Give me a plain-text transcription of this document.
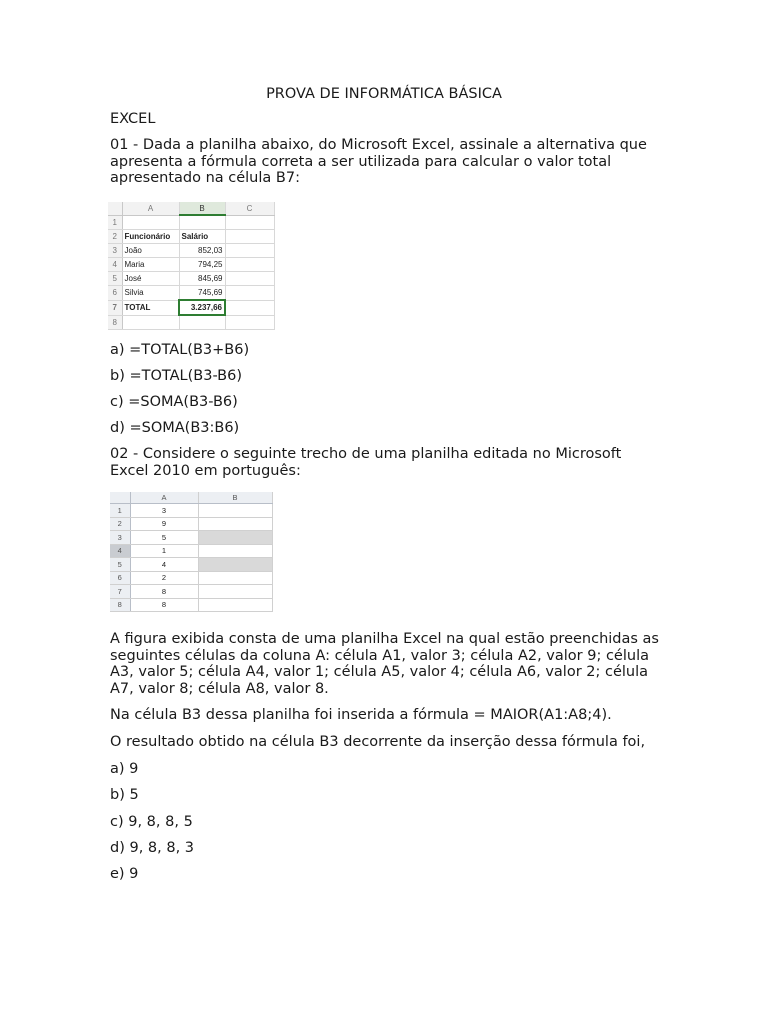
PROVA DE INFORMÁTICA BÁSICA
EXCEL
01 - Dada a planilha abaixo, do Microsoft Excel, assinale a alternativa que apresenta a fórmula correta a ser utilizada para calcular o valor total apresentado na célula B7:
	A	B	C
1			
2	Funcionário	Salário	
3	João	852,03	
4	Maria	794,25	
5	José	845,69	
6	Silvia	745,69	
7	TOTAL	3.237,66	
8			
a) =TOTAL(B3+B6)
b) =TOTAL(B3-B6)
c) =SOMA(B3-B6)
d) =SOMA(B3:B6)
02 - Considere o seguinte trecho de uma planilha editada no Microsoft Excel 2010 em português:
	A	B
1	3	
2	9	
3	5	
4	1	
5	4	
6	2	
7	8	
8	8	
A figura exibida consta de uma planilha Excel na qual estão preenchidas as seguintes células da coluna A: célula A1, valor 3; célula A2, valor 9; célula A3, valor 5; célula A4, valor 1; célula A5, valor 4; célula A6, valor 2; célula A7, valor 8; célula A8, valor 8.
Na célula B3 dessa planilha foi inserida a fórmula = MAIOR(A1:A8;4).
O resultado obtido na célula B3 decorrente da inserção dessa fórmula foi,
a) 9
b) 5
c) 9, 8, 8, 5
d) 9, 8, 8, 3
e) 9
